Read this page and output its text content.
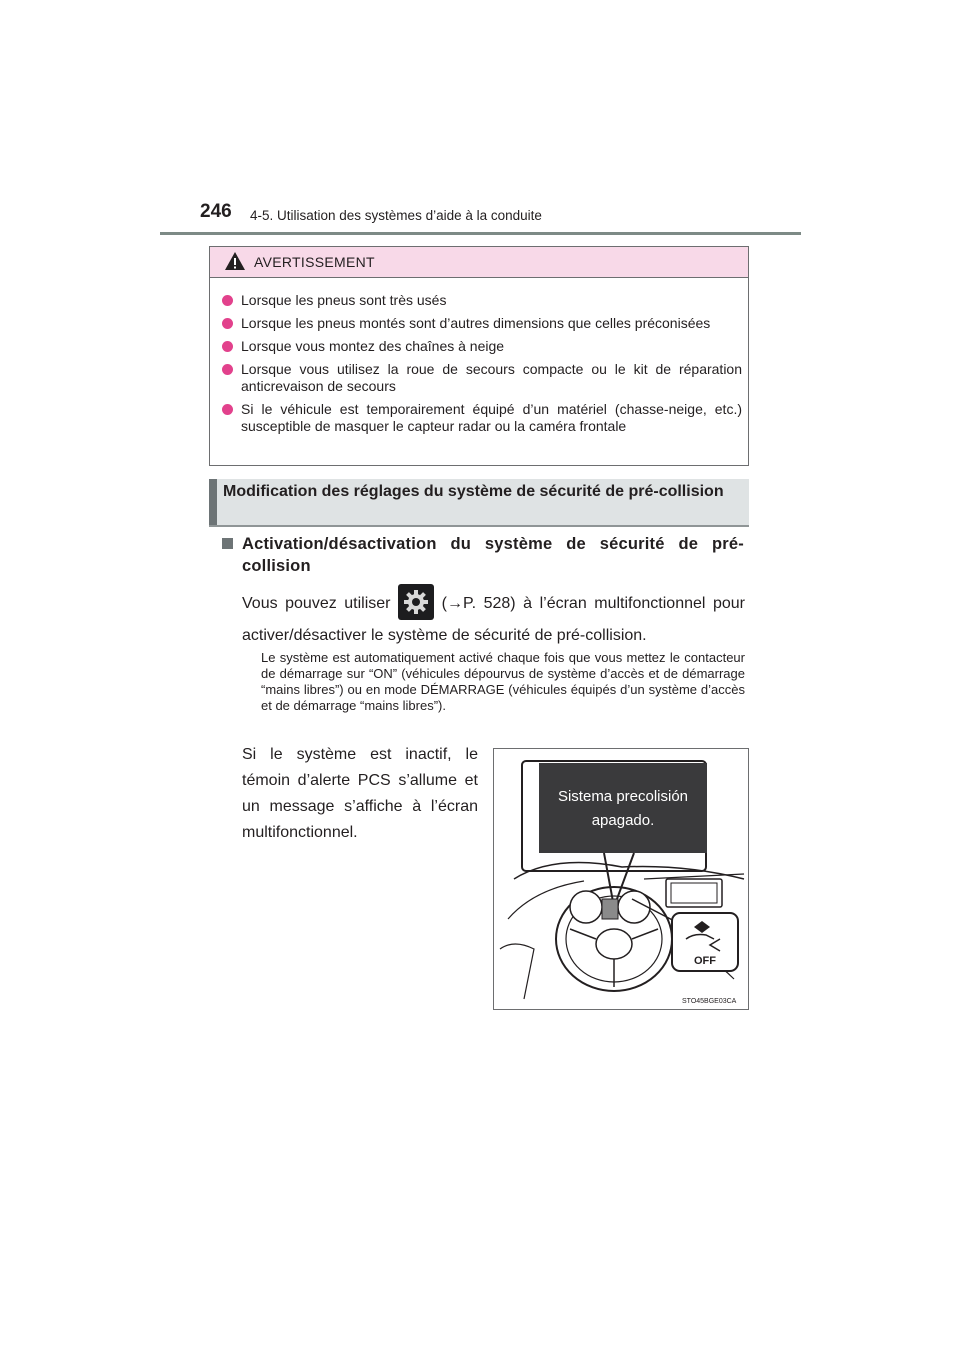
246 4-5. Utilisation des systèmes d’aide à la conduite
AVERTISSEMENT
Lorsque les pneus sont très usés
Lorsque les pneus montés sont d’autres dimensions que celles préconisées
Lorsque vous montez des chaînes à neige
Lorsque vous utilisez la roue de secours compacte ou le kit de réparation anticrevaison de secours
Si le véhicule est temporairement équipé d’un matériel (chasse-neige, etc.) susceptible de masquer le capteur radar ou la caméra frontale
Modification des réglages du système de sécurité de pré-collision
Activation/désactivation du système de sécurité de pré-collision
Vous pouvez utiliser	(→P. 528) à l’écran multifonctionnel pour activer/désactiver le système de sécurité de pré-collision.
Le système est automatiquement activé chaque fois que vous mettez le contacteur de démarrage sur “ON” (véhicules dépourvus de système d’accès et de démarrage “mains libres”) ou en mode DÉMARRAGE (véhicules équipés d’un système d’accès et de démarrage “mains libres”).
Si le système est inactif, le témoin d’alerte PCS s’allume et un message s’affiche à l’écran multifonctionnel.
Sistema precolisión
apagado.
OFF
STO45BGE03CA
